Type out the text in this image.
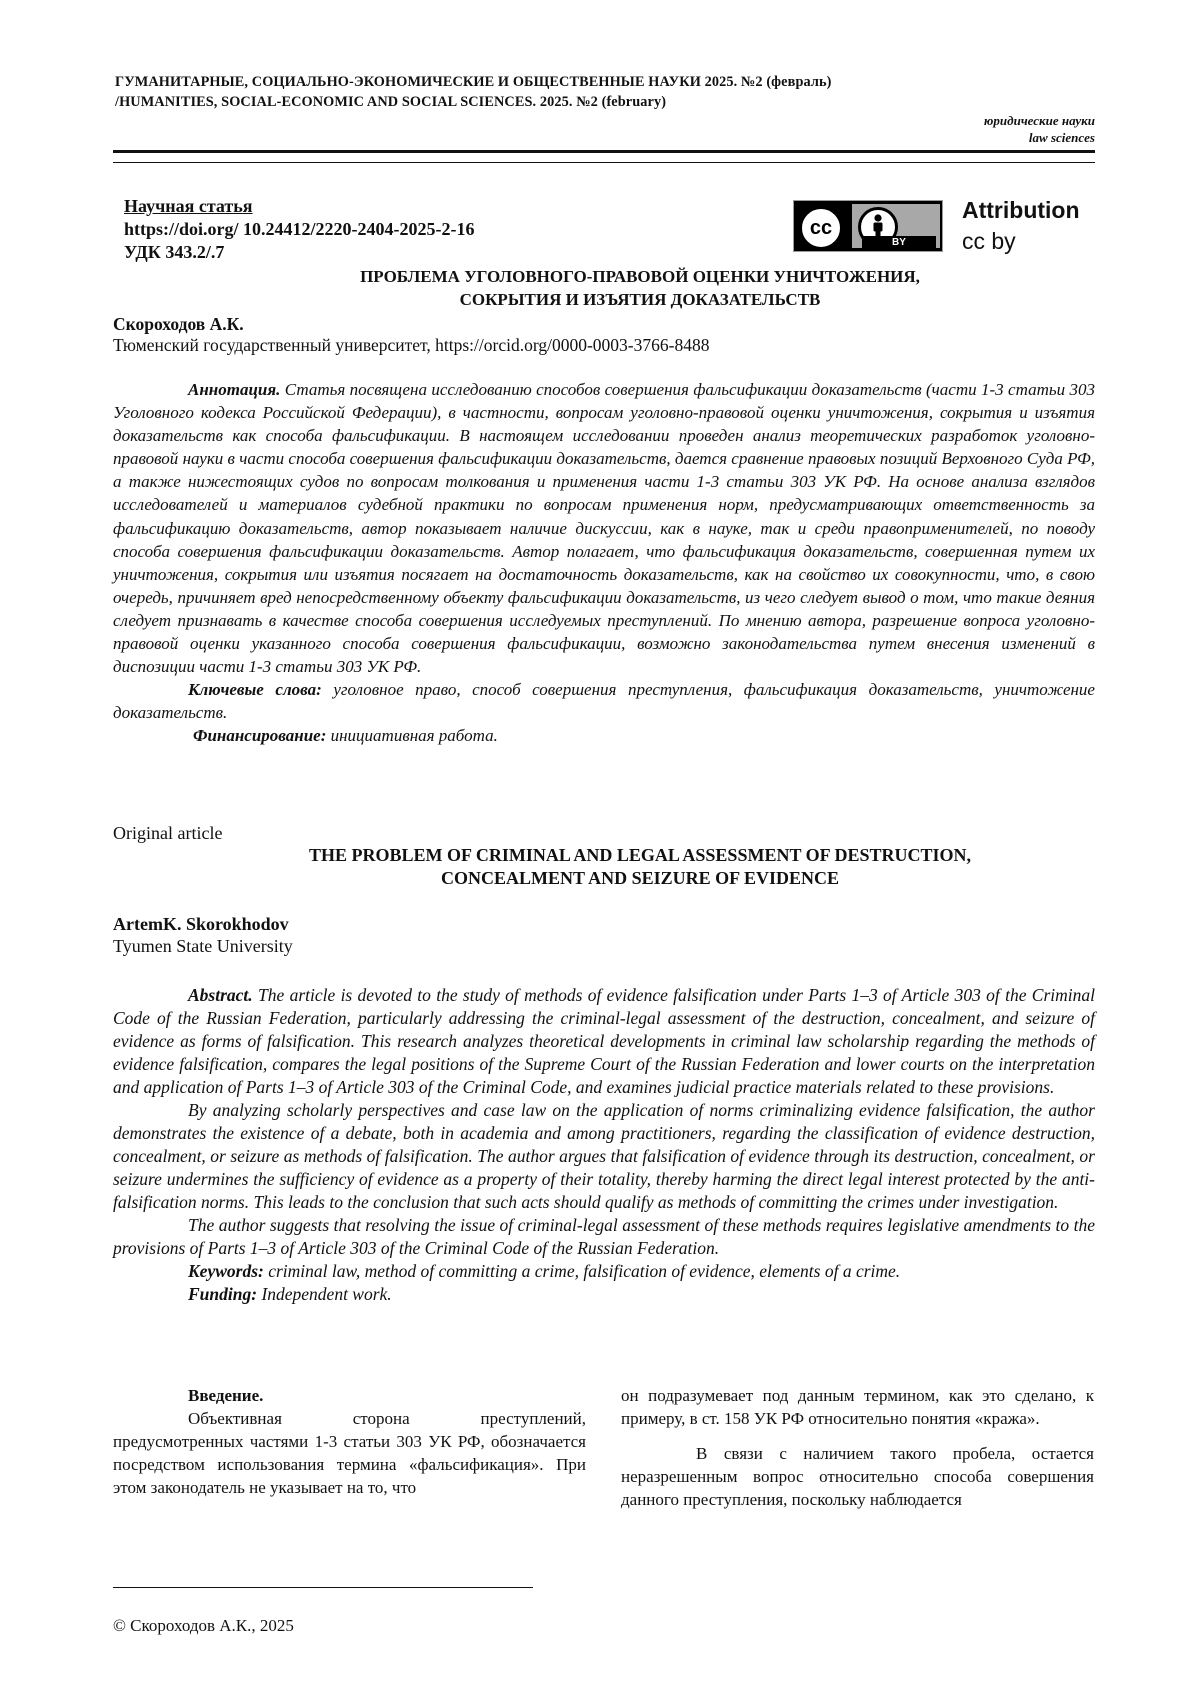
ГУМАНИТАРНЫЕ, СОЦИАЛЬНО-ЭКОНОМИЧЕСКИЕ И ОБЩЕСТВЕННЫЕ НАУКИ 2025. №2 (февраль)
/HUMANITIES, SOCIAL-ECONOMIC AND SOCIAL SCIENCES. 2025. №2 (february)
юридические науки
law sciences
Научная статья
https://doi.org/ 10.24412/2220-2404-2025-2-16
УДК 343.2/.7
cc
BY
Attribution
cc by
ПРОБЛЕМА УГОЛОВНОГО-ПРАВОВОЙ ОЦЕНКИ УНИЧТОЖЕНИЯ,
СОКРЫТИЯ И ИЗЪЯТИЯ ДОКАЗАТЕЛЬСТВ
Скороходов А.К.
Тюменский государственный университет, https://orcid.org/0000-0003-3766-8488

Аннотация. Статья посвящена исследованию способов совершения фальсификации доказательств (части 1-3 статьи 303 Уголовного кодекса Российской Федерации), в частности, вопросам уголовно-правовой оценки уничтожения, сокрытия и изъятия доказательств как способа фальсификации. В настоящем исследовании проведен анализ теоретических разработок уголовно-правовой науки в части способа совершения фальсификации доказательств, дается сравнение правовых позиций Верховного Суда РФ, а также нижестоящих судов по вопросам толкования и применения части 1-3 статьи 303 УК РФ. На основе анализа взглядов исследователей и материалов судебной практики по вопросам применения норм, предусматривающих ответственность за фальсификацию доказательств, автор показывает наличие дискуссии, как в науке, так и среди правоприменителей, по поводу способа совершения фальсификации доказательств. Автор полагает, что фальсификация доказательств, совершенная путем их уничтожения, сокрытия или изъятия посягает на достаточность доказательств, как на свойство их совокупности, что, в свою очередь, причиняет вред непосредственному объекту фальсификации доказательств, из чего следует вывод о том, что такие деяния следует признавать в качестве способа совершения исследуемых преступлений. По мнению автора, разрешение вопроса уголовно-правовой оценки указанного способа совершения фальсификации, возможно законодательства путем внесения изменений в диспозиции части 1-3 статьи 303 УК РФ.

Ключевые слова: уголовное право, способ совершения преступления, фальсификация доказательств, уничтожение доказательств.

Финансирование: инициативная работа.

Original article
THE PROBLEM OF CRIMINAL AND LEGAL ASSESSMENT OF DESTRUCTION,
CONCEALMENT AND SEIZURE OF EVIDENCE
ArtemK. Skorokhodov
Tyumen State University

Abstract. The article is devoted to the study of methods of evidence falsification under Parts 1–3 of Article 303 of the Criminal Code of the Russian Federation, particularly addressing the criminal-legal assessment of the destruction, concealment, and seizure of evidence as forms of falsification. This research analyzes theoretical developments in criminal law scholarship regarding the methods of evidence falsification, compares the legal positions of the Supreme Court of the Russian Federation and lower courts on the interpretation and application of Parts 1–3 of Article 303 of the Criminal Code, and examines judicial practice materials related to these provisions.

By analyzing scholarly perspectives and case law on the application of norms criminalizing evidence falsification, the author demonstrates the existence of a debate, both in academia and among practitioners, regarding the classification of evidence destruction, concealment, or seizure as methods of falsification. The author argues that falsification of evidence through its destruction, concealment, or seizure undermines the sufficiency of evidence as a property of their totality, thereby harming the direct legal interest protected by the anti-falsification norms. This leads to the conclusion that such acts should qualify as methods of committing the crimes under investigation.

The author suggests that resolving the issue of criminal-legal assessment of these methods requires legislative amendments to the provisions of Parts 1–3 of Article 303 of the Criminal Code of the Russian Federation.

Keywords: criminal law, method of committing a crime, falsification of evidence, elements of a crime.

Funding: Independent work.

Введение.

Объективная сторона преступлений, предусмотренных частями 1-3 статьи 303 УК РФ, обозначается посредством использования термина «фальсификация». При этом законодатель не указывает на то, что

он подразумевает под данным термином, как это сделано, к примеру, в ст. 158 УК РФ относительно понятия «кража».

В связи с наличием такого пробела, остается неразрешенным вопрос относительно способа совершения данного преступления, поскольку наблюдается

© Скороходов А.К., 2025
